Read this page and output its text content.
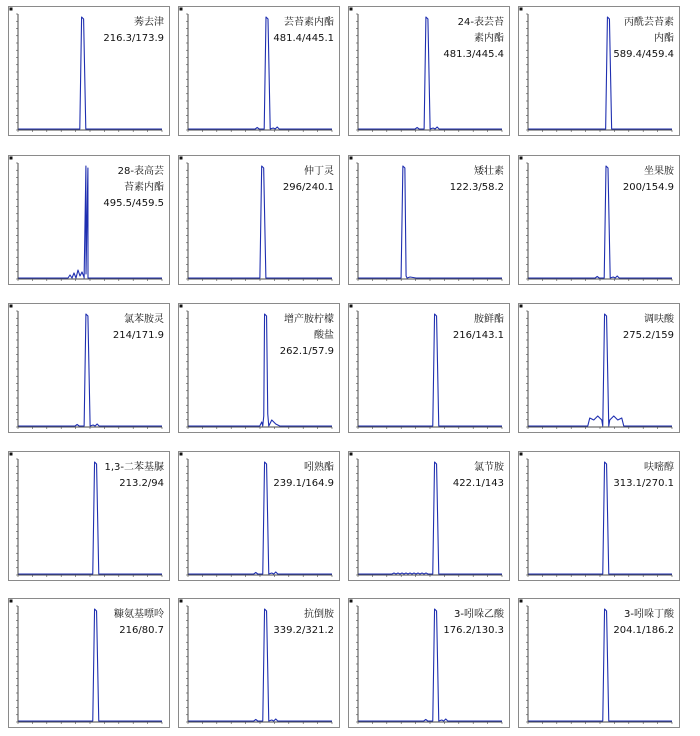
莠去津
216.3/173.9
芸苔素内酯
481.4/445.1
24-表芸苔
素内酯
481.3/445.4
丙酰芸苔素
内酯
589.4/459.4
28-表高芸
苔素内酯
495.5/459.5
仲丁灵
296/240.1
矮壮素
122.3/58.2
坐果胺
200/154.9
氯苯胺灵
214/171.9
增产胺柠檬
酸盐
262.1/57.9
胺鲜酯
216/143.1
调呋酸
275.2/159
1,3-二苯基脲
213.2/94
吲熟酯
239.1/164.9
氯节胺
422.1/143
呋嘧醇
313.1/270.1
糠氨基嘌呤
216/80.7
抗倒胺
339.2/321.2
3-吲哚乙酸
176.2/130.3
3-吲哚丁酸
204.1/186.2
